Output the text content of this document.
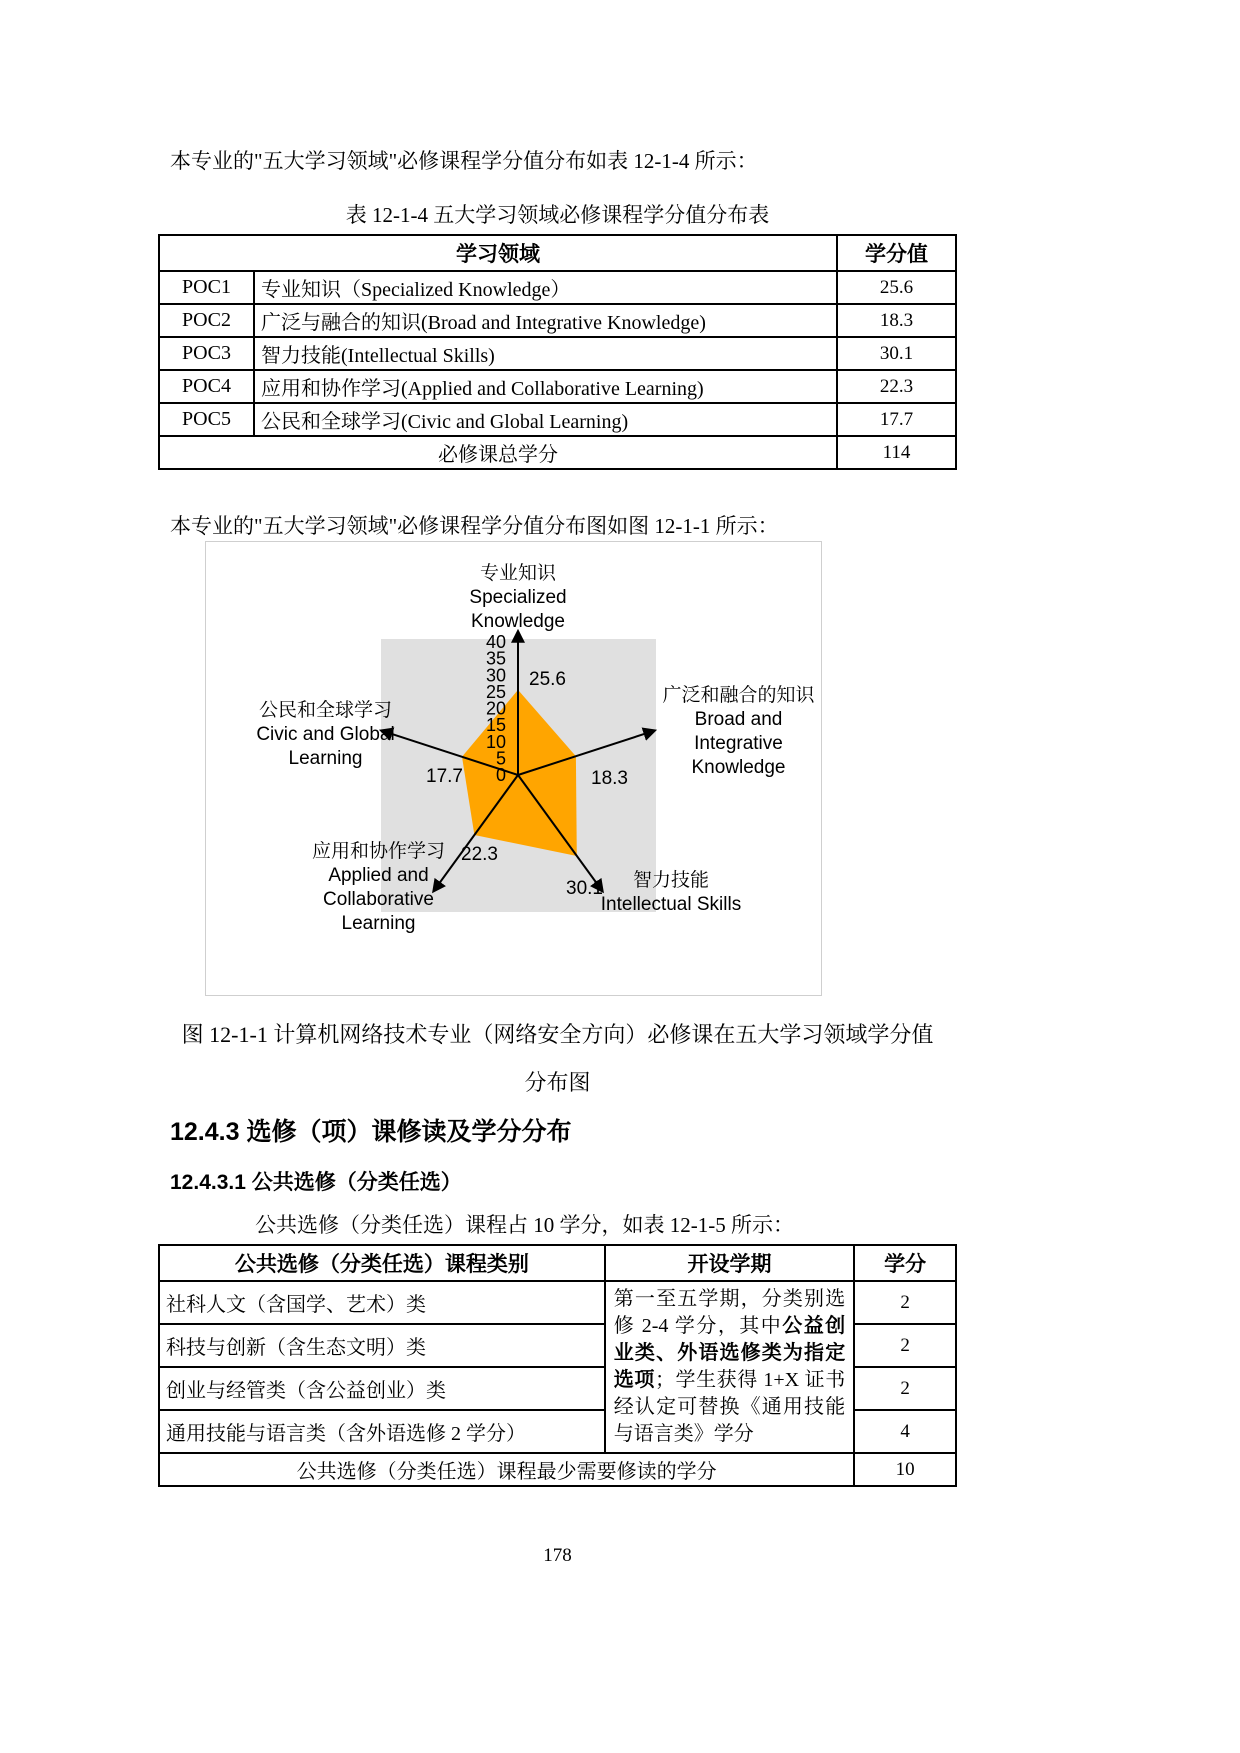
本专业的"五大学习领域"必修课程学分值分布如表 12-1-4 所示：

表 12-1-4 五大学习领域必修课程学分值分布表
学习领域		学分值
POC1	专业知识（Specialized Knowledge）	25.6
POC2	广泛与融合的知识(Broad and Integrative Knowledge)	18.3
POC3	智力技能(Intellectual Skills)	30.1
POC4	应用和协作学习(Applied and Collaborative Learning)	22.3
POC5	公民和全球学习(Civic and Global Learning)	17.7
必修课总学分		114

本专业的"五大学习领域"必修课程学分值分布图如图 12-1-1 所示：

0
5
10
15
20
25
30
35
40
25.6
18.3
30.1
22.3
17.7
专业知识
Specialized
Knowledge
广泛和融合的知识
Broad and
Integrative
Knowledge
智力技能
Intellectual Skills
应用和协作学习
Applied and
Collaborative
Learning
公民和全球学习
Civic and Global
Learning
图 12-1-1 计算机网络技术专业（网络安全方向）必修课在五大学习领域学分值
分布图
12.4.3 选修（项）课修读及学分分布
12.4.3.1 公共选修（分类任选）

公共选修（分类任选）课程占 10 学分，如表 12-1-5 所示：

公共选修（分类任选）课程类别	开设学期	学分
社科人文（含国学、艺术）类	第一至五学期，分类别选修 2-4 学分，其中公益创业类、外语选修类为指定选项；学生获得 1+X 证书经认定可替换《通用技能与语言类》学分	2
科技与创新（含生态文明）类		2
创业与经管类（含公益创业）类		2
通用技能与语言类（含外语选修 2 学分）		4
公共选修（分类任选）课程最少需要修读的学分		10
178
